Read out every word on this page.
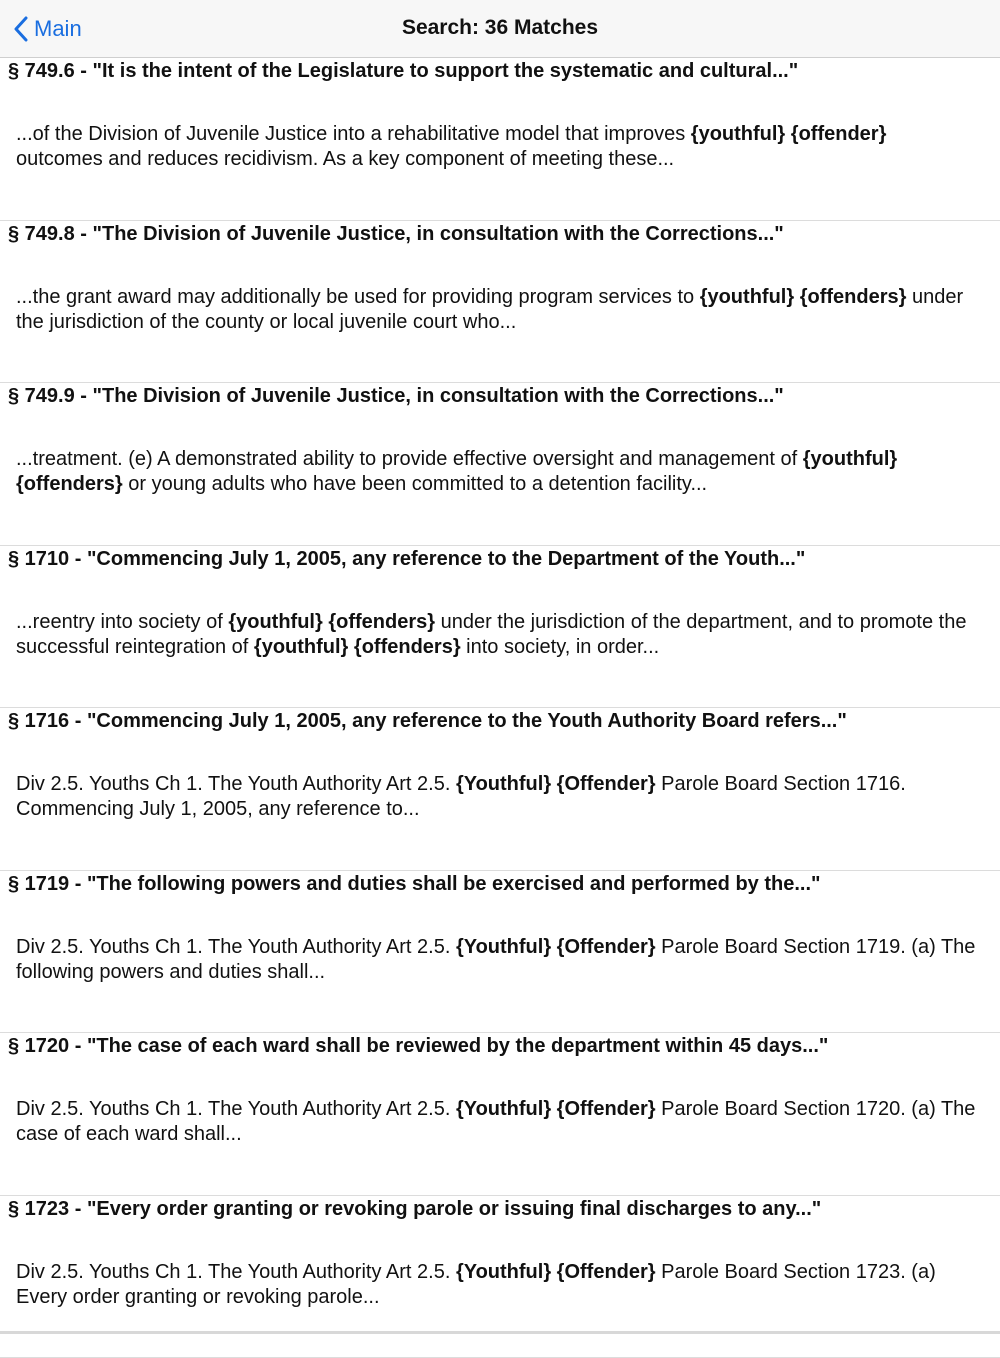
Main	Search: 36 Matches
§ 749.6 - "It is the intent of the Legislature to support the systematic and cultural..."
...of the Division of Juvenile Justice into a rehabilitative model that improves {youthful} {offender} outcomes and reduces recidivism. As a key component of meeting these...
§ 749.8 - "The Division of Juvenile Justice, in consultation with the Corrections..."
...the grant award may additionally be used for providing program services to {youthful} {offenders} under the jurisdiction of the county or local juvenile court who...
§ 749.9 - "The Division of Juvenile Justice, in consultation with the Corrections..."
...treatment. (e) A demonstrated ability to provide effective oversight and management of {youthful} {offenders} or young adults who have been committed to a detention facility...
§ 1710 - "Commencing July 1, 2005, any reference to the Department of the Youth..."
...reentry into society of {youthful} {offenders} under the jurisdiction of the department, and to promote the successful reintegration of {youthful} {offenders} into society, in order...
§ 1716 - "Commencing July 1, 2005, any reference to the Youth Authority Board refers..."
Div 2.5. Youths Ch 1. The Youth Authority Art 2.5. {Youthful} {Offender} Parole Board Section 1716. Commencing July 1, 2005, any reference to...
§ 1719 - "The following powers and duties shall be exercised and performed by the..."
Div 2.5. Youths Ch 1. The Youth Authority Art 2.5. {Youthful} {Offender} Parole Board Section 1719. (a) The following powers and duties shall...
§ 1720 - "The case of each ward shall be reviewed by the department within 45 days..."
Div 2.5. Youths Ch 1. The Youth Authority Art 2.5. {Youthful} {Offender} Parole Board Section 1720. (a) The case of each ward shall...
§ 1723 - "Every order granting or revoking parole or issuing final discharges to any..."
Div 2.5. Youths Ch 1. The Youth Authority Art 2.5. {Youthful} {Offender} Parole Board Section 1723. (a) Every order granting or revoking parole...
